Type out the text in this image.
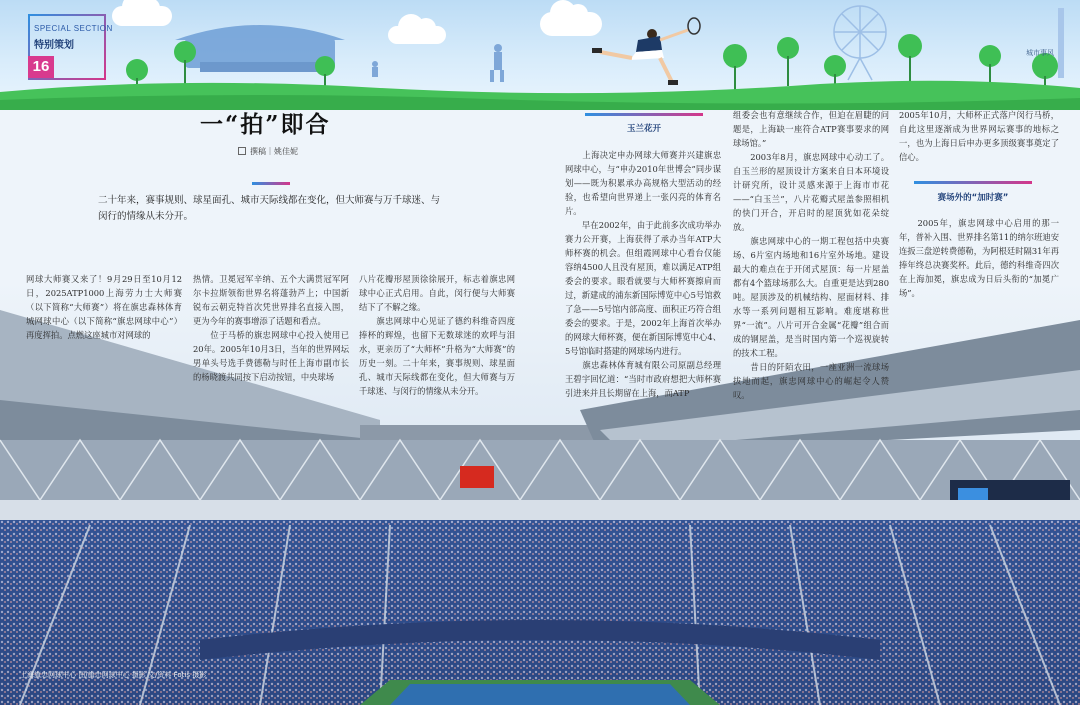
SPECIAL SECTION
特别策划
16
城市事风
一“拍”即合
撰稿｜姚佳妮
二十年来，赛事规则、球星面孔、城市天际线都在变化，但大师赛与万千球迷、与闵行的情缘从未分开。
网球大师赛又来了！9月29日至10月12日，2025ATP1000上海劳力士大师赛（以下简称“大师赛”）将在旗忠森林体育城网球中心（以下简称“旗忠网球中心”）再度挥拍。点燃这座城市对网球的
热情。卫冕冠军辛纳、五个大满贯冠军阿尔卡拉斯领衔世界名将蓬勃芦上；中国新锐布云朝克特首次凭世界排名直接入围，更为今年的赛事增添了话题和看点。
　　位于马桥的旗忠网球中心投入使用已20年。2005年10月3日，当年的世界网坛男单头号选手费德勒与时任上海市副市长的杨晓渡共同按下启动按钮，中央球场
八片花瓣形屋顶徐徐展开，标志着旗忠网球中心正式启用。自此，闵行便与大师赛结下了不解之缘。
　　旗忠网球中心见证了德约科维奇四度捧杯的辉煌，也留下无数球迷的欢呼与泪水，更亲历了“大师杯”升格为“大师赛”的历史一刻。二十年来，赛事规则、球星面孔、城市天际线都在变化，但大师赛与万千球迷、与闵行的情缘从未分开。
玉兰花开
　　上海决定申办网球大师赛并兴建旗忠网球中心，与“申办2010年世博会”同步谋划——既为积累承办高规格大型活动的经验，也希望向世界递上一张闪亮的体育名片。
　　早在2002年，由于此前多次成功举办赛力公开赛，上海获得了承办当年ATP大师杯赛的机会。但组霞网球中心看台仅能容纳4500人且没有屋顶，难以满足ATP组委会的要求。眼看就要与大师杯赛擦肩而过，新建成的浦东新国际博览中心5号馆救了急——5号馆内部高度、面积正巧符合组委会的要求。于是，2002年上海首次举办的网球大师杯赛，便在新国际博览中心4、5号馆临时搭建的网球场内进行。
　　旗忠森林体育城有限公司原副总经理王碧宇回忆道：“当时市政府想把大师杯赛引进来并且长期留在上海，而ATP
组委会也有意继续合作，但迫在眉睫的问题是，上海缺一座符合ATP赛事要求的网球场馆。”
　　2003年8月，旗忠网球中心动工了。自玉兰形的屋顶设计方案来自日本环境设计研究所，设计灵感来源于上海市市花——“白玉兰”，八片花瓣式屋盖参照相机的快门开合，开启时的屋顶犹如花朵绽放。
　　旗忠网球中心的一期工程包括中央赛场、6片室内场地和16片室外场地。建设最大的难点在于开闭式屋顶：每一片屋盖都有4个篮球场那么大。自重更是达到280吨。屋顶涉及的机械结构、屋面材料、排水等一系列问题相互影响。难度堪称世界“一流”。八片可开合金属“花瓣”组合而成的钢屋盖，是当时国内第一个巡视旋转的技术工程。
　　昔日的阡陌农田，一座亚洲一流球场拔地而起，旗忠网球中心的崛起令人赞叹。
2005年10月，大师杯正式落户闵行马桥，自此这里逐渐成为世界网坛赛事的地标之一，也为上海日后申办更多顶级赛事奠定了信心。
赛场外的“加时赛”
　　2005年，旗忠网球中心启用的那一年，普补入围、世界排名第11的纳尔班迪安连扳三盘逆转费德勒，为阿根廷时隔31年再捧年终总决赛奖杯。此后，德约科维奇四次在上海加冕，旗忠成为日后头衔的“加冕广场”。
上海旗忠网球中心 图/旗忠网球中心 摄影 文/资料 Fotis 摄影
